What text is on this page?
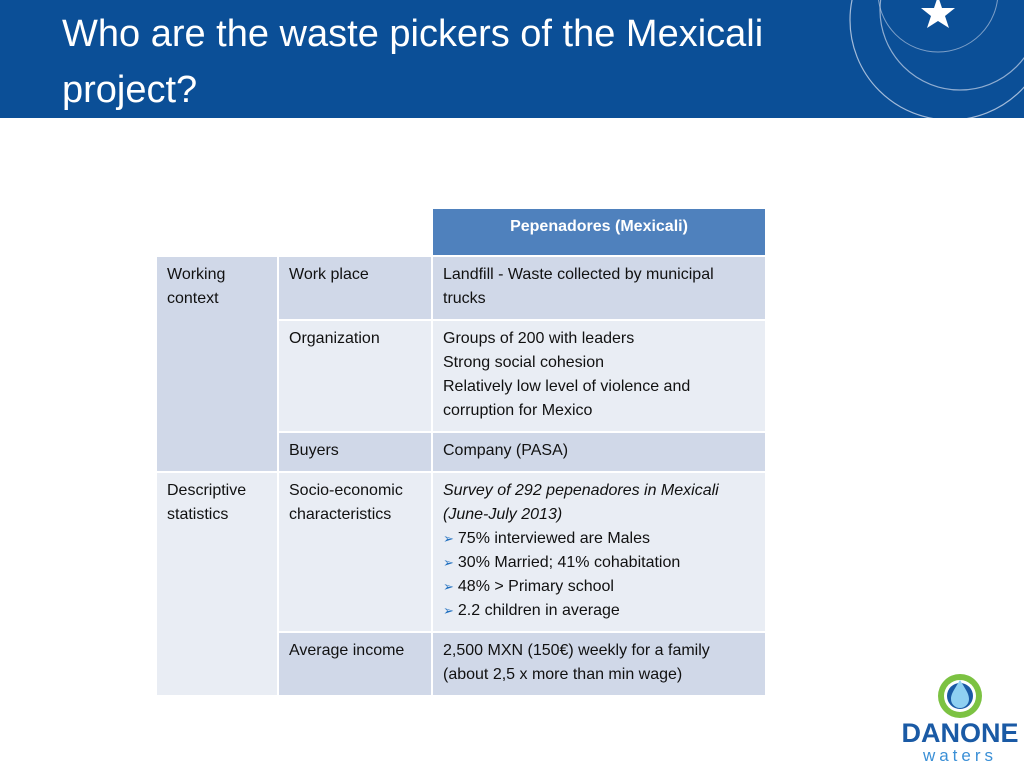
Who are the waste pickers of the Mexicali project?
		Pepenadores (Mexicali)
Working context	Work place	Landfill - Waste collected by municipal trucks

	Organization	Groups of 200 with leaders
Strong social cohesion
Relatively low level of violence and corruption for Mexico

	Buyers	Company (PASA)

Descriptive statistics	Socio-economic characteristics	Survey of 292 pepenadores in Mexicali (June-July 2013)
➢ 75% interviewed are Males
➢ 30% Married; 41% cohabitation
➢ 48% > Primary school
➢ 2.2 children in average

	Average income	2,500 MXN (150€) weekly for a family (about 2,5 x more than min wage)
DANONE
waters
